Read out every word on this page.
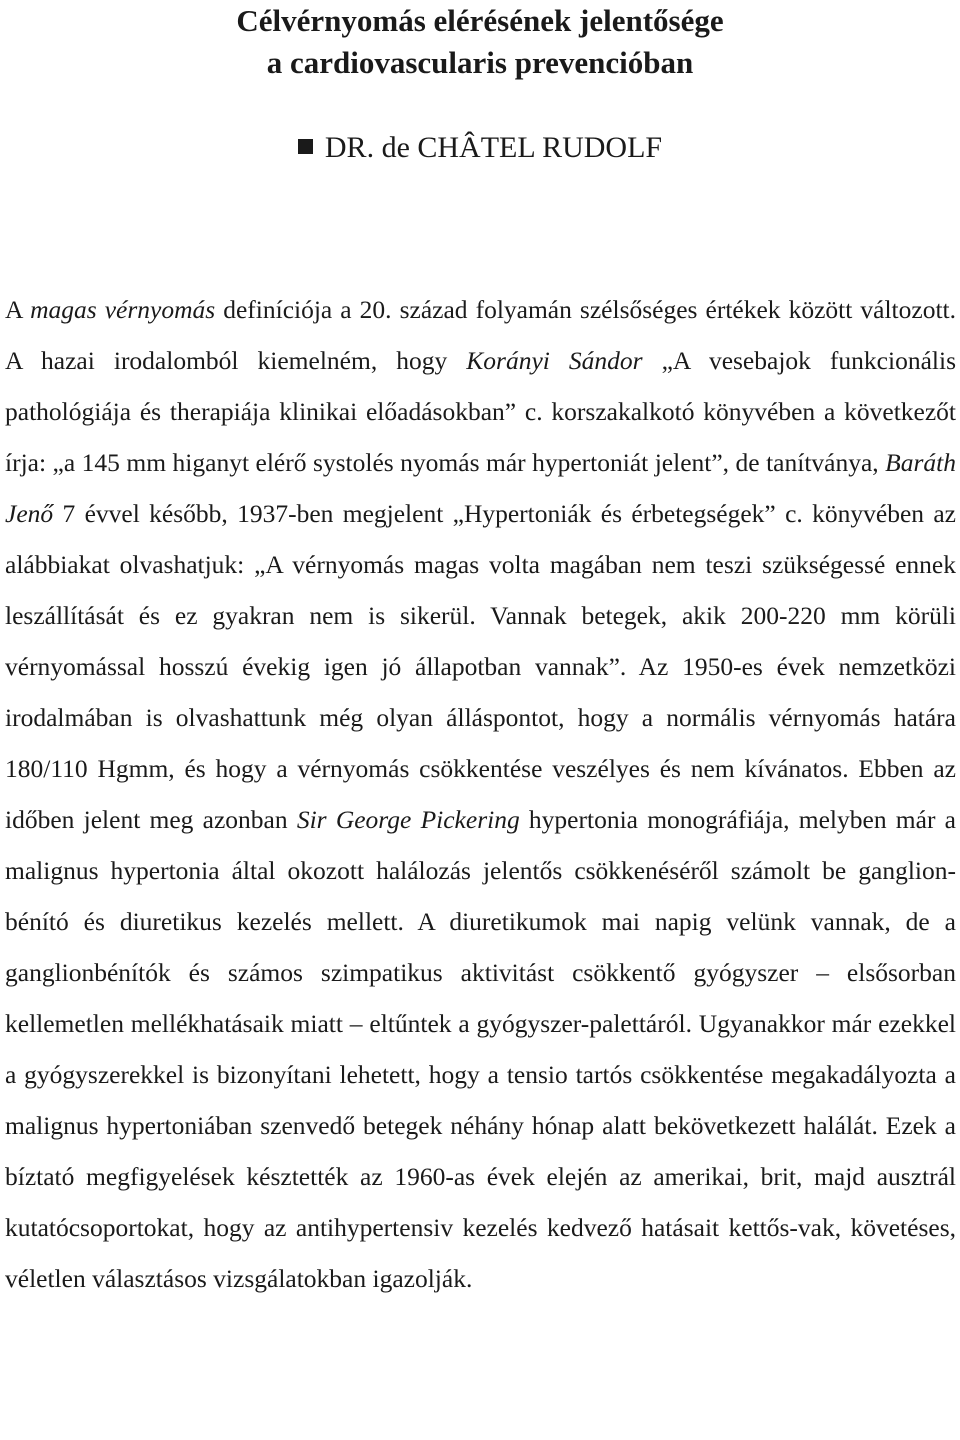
Célvérnyomás elérésének jelentősége
a cardiovascularis prevencióban

DR. de CHÂTEL RUDOLF

A magas vérnyomás definíciója a 20. század folyamán szélsőséges értékek között változott. A hazai irodalomból kiemelném, hogy Korányi Sándor „A vesebajok funkcionális pathológiája és therapiája klinikai előadásokban” c. korszakalkotó könyvében a következőt írja: „a 145 mm higanyt elérő systolés nyomás már hypertoniát jelent”, de tanítványa, Baráth Jenő 7 évvel később, 1937-ben megjelent „Hypertoniák és érbetegségek” c. könyvében az alábbiakat olvashatjuk: „A vérnyomás magas volta magában nem teszi szükségessé ennek leszállítását és ez gyakran nem is sikerül. Vannak betegek, akik 200-220 mm körüli vérnyomással hosszú évekig igen jó állapotban vannak”. Az 1950-es évek nemzetközi irodalmában is olvashattunk még olyan álláspontot, hogy a normális vérnyomás határa 180/110 Hgmm, és hogy a vérnyomás csökkentése veszélyes és nem kívánatos. Ebben az időben jelent meg azonban Sir George Pickering hypertonia monográfiája, melyben már a malignus hypertonia által okozott halálozás jelentős csökkenéséről számolt be ganglion-bénító és diuretikus kezelés mellett. A diuretikumok mai napig velünk vannak, de a ganglionbénítók és számos szimpatikus aktivitást csökkentő gyógyszer – elsősorban kellemetlen mellékhatásaik miatt – eltűntek a gyógyszer-palettáról. Ugyanakkor már ezekkel a gyógyszerekkel is bizonyítani lehetett, hogy a tensio tartós csökkentése megakadályozta a malignus hypertoniában szenvedő betegek néhány hónap alatt bekövetkezett halálát. Ezek a bíztató megfigyelések késztették az 1960-as évek elején az amerikai, brit, majd ausztrál kutatócsoportokat, hogy az antihypertensiv kezelés kedvező hatásait kettős-vak, követéses, véletlen választásos vizsgálatokban igazolják.
